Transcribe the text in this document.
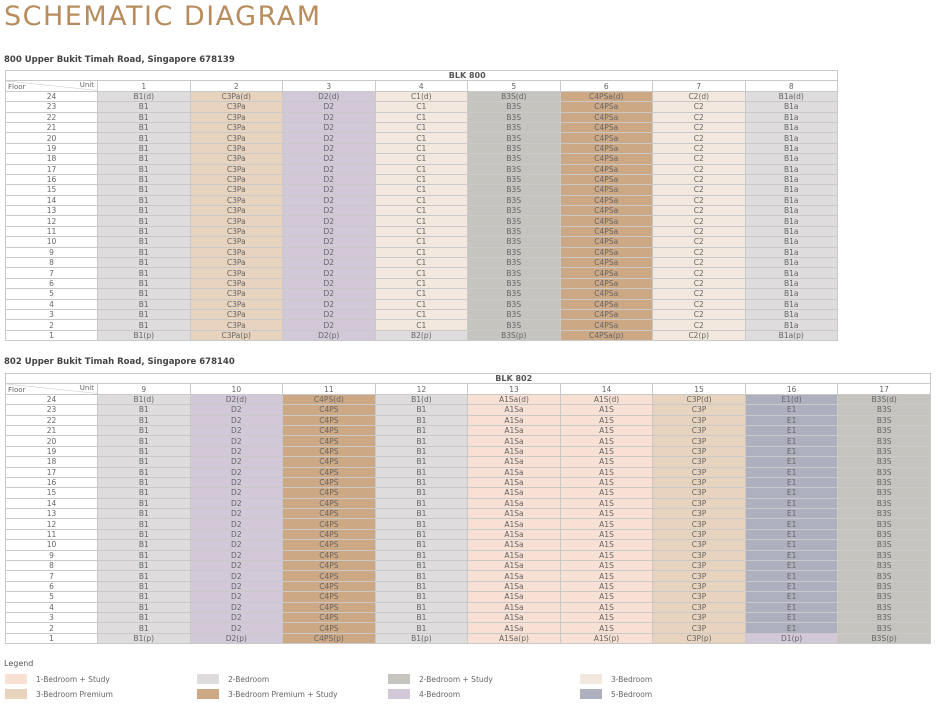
SCHEMATIC DIAGRAM
800 Upper Bukit Timah Road, Singapore 678139
	BLK 800							

Floor Unit	1	2	3	4	5	6	7	8
24	B1(d)	C3Pa(d)	D2(d)	C1(d)	B3S(d)	C4PSa(d)	C2(d)	B1a(d)
23	B1	C3Pa	D2	C1	B3S	C4PSa	C2	B1a
22	B1	C3Pa	D2	C1	B3S	C4PSa	C2	B1a
21	B1	C3Pa	D2	C1	B3S	C4PSa	C2	B1a
20	B1	C3Pa	D2	C1	B3S	C4PSa	C2	B1a
19	B1	C3Pa	D2	C1	B3S	C4PSa	C2	B1a
18	B1	C3Pa	D2	C1	B3S	C4PSa	C2	B1a
17	B1	C3Pa	D2	C1	B3S	C4PSa	C2	B1a
16	B1	C3Pa	D2	C1	B3S	C4PSa	C2	B1a
15	B1	C3Pa	D2	C1	B3S	C4PSa	C2	B1a
14	B1	C3Pa	D2	C1	B3S	C4PSa	C2	B1a
13	B1	C3Pa	D2	C1	B3S	C4PSa	C2	B1a
12	B1	C3Pa	D2	C1	B3S	C4PSa	C2	B1a
11	B1	C3Pa	D2	C1	B3S	C4PSa	C2	B1a
10	B1	C3Pa	D2	C1	B3S	C4PSa	C2	B1a
9	B1	C3Pa	D2	C1	B3S	C4PSa	C2	B1a
8	B1	C3Pa	D2	C1	B3S	C4PSa	C2	B1a
7	B1	C3Pa	D2	C1	B3S	C4PSa	C2	B1a
6	B1	C3Pa	D2	C1	B3S	C4PSa	C2	B1a
5	B1	C3Pa	D2	C1	B3S	C4PSa	C2	B1a
4	B1	C3Pa	D2	C1	B3S	C4PSa	C2	B1a
3	B1	C3Pa	D2	C1	B3S	C4PSa	C2	B1a
2	B1	C3Pa	D2	C1	B3S	C4PSa	C2	B1a
1	B1(p)	C3Pa(p)	D2(p)	B2(p)	B3S(p)	C4PSa(p)	C2(p)	B1a(p)
802 Upper Bukit Timah Road, Singapore 678140
	BLK 802								

Floor Unit	9	10	11	12	13	14	15	16	17
24	B1(d)	D2(d)	C4PS(d)	B1(d)	A1Sa(d)	A1S(d)	C3P(d)	E1(d)	B3S(d)
23	B1	D2	C4PS	B1	A1Sa	A1S	C3P	E1	B3S
22	B1	D2	C4PS	B1	A1Sa	A1S	C3P	E1	B3S
21	B1	D2	C4PS	B1	A1Sa	A1S	C3P	E1	B3S
20	B1	D2	C4PS	B1	A1Sa	A1S	C3P	E1	B3S
19	B1	D2	C4PS	B1	A1Sa	A1S	C3P	E1	B3S
18	B1	D2	C4PS	B1	A1Sa	A1S	C3P	E1	B3S
17	B1	D2	C4PS	B1	A1Sa	A1S	C3P	E1	B3S
16	B1	D2	C4PS	B1	A1Sa	A1S	C3P	E1	B3S
15	B1	D2	C4PS	B1	A1Sa	A1S	C3P	E1	B3S
14	B1	D2	C4PS	B1	A1Sa	A1S	C3P	E1	B3S
13	B1	D2	C4PS	B1	A1Sa	A1S	C3P	E1	B3S
12	B1	D2	C4PS	B1	A1Sa	A1S	C3P	E1	B3S
11	B1	D2	C4PS	B1	A1Sa	A1S	C3P	E1	B3S
10	B1	D2	C4PS	B1	A1Sa	A1S	C3P	E1	B3S
9	B1	D2	C4PS	B1	A1Sa	A1S	C3P	E1	B3S
8	B1	D2	C4PS	B1	A1Sa	A1S	C3P	E1	B3S
7	B1	D2	C4PS	B1	A1Sa	A1S	C3P	E1	B3S
6	B1	D2	C4PS	B1	A1Sa	A1S	C3P	E1	B3S
5	B1	D2	C4PS	B1	A1Sa	A1S	C3P	E1	B3S
4	B1	D2	C4PS	B1	A1Sa	A1S	C3P	E1	B3S
3	B1	D2	C4PS	B1	A1Sa	A1S	C3P	E1	B3S
2	B1	D2	C4PS	B1	A1Sa	A1S	C3P	E1	B3S
1	B1(p)	D2(p)	C4PS(p)	B1(p)	A1Sa(p)	A1S(p)	C3P(p)	D1(p)	B3S(p)
Legend
1-Bedroom + Study	2-Bedroom	2-Bedroom + Study	3-Bedroom
3-Bedroom Premium	3-Bedroom Premium + Study	4-Bedroom	5-Bedroom
